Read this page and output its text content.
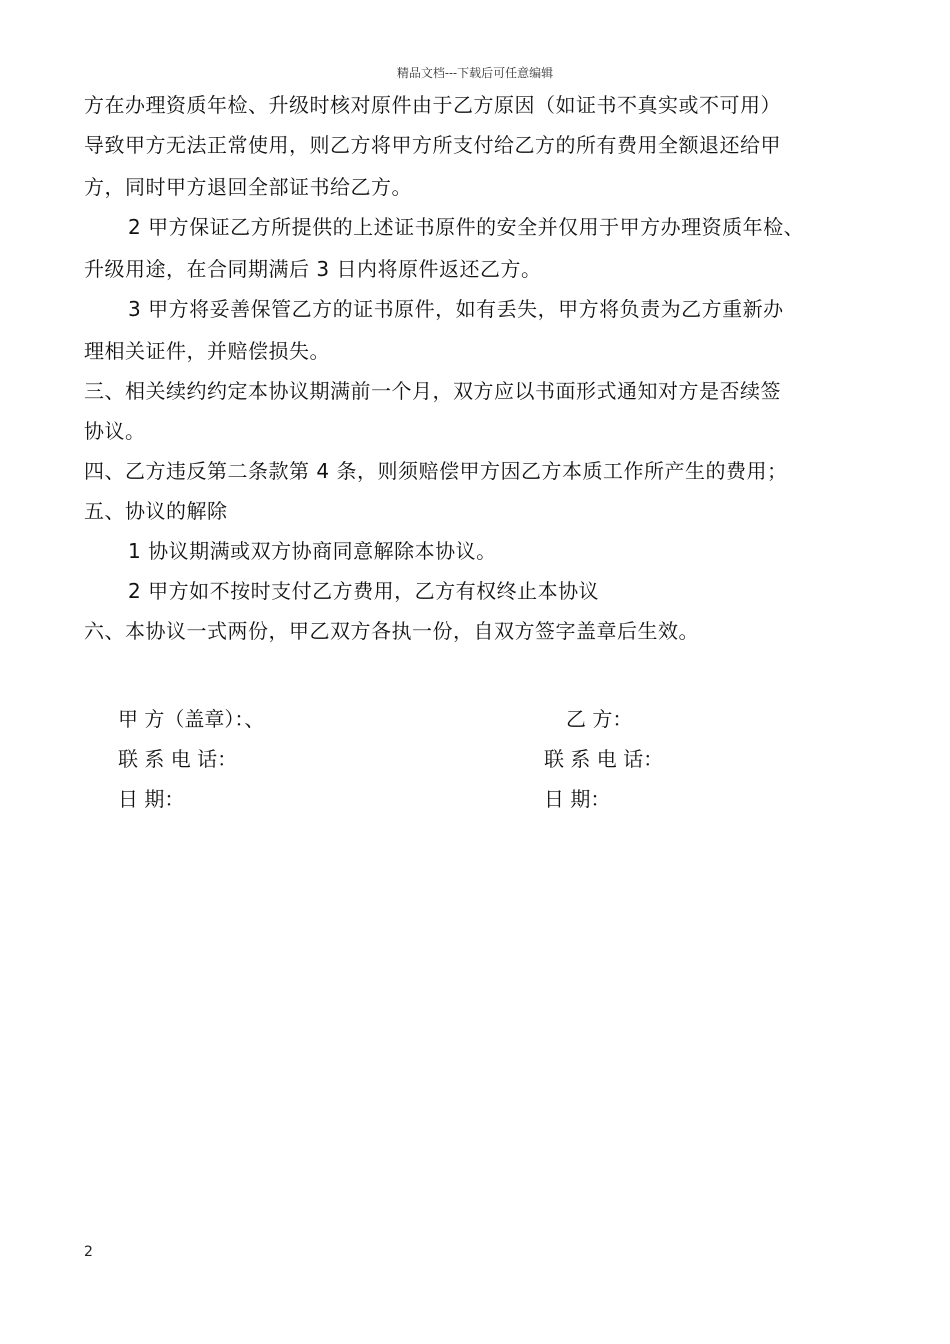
精品文档---下载后可任意编辑
方在办理资质年检、升级时核对原件由于乙方原因（如证书不真实或不可用）
导致甲方无法正常使用，则乙方将甲方所支付给乙方的所有费用全额退还给甲
方，同时甲方退回全部证书给乙方。
2 甲方保证乙方所提供的上述证书原件的安全并仅用于甲方办理资质年检、
升级用途，在合同期满后 3 日内将原件返还乙方。
3 甲方将妥善保管乙方的证书原件，如有丢失，甲方将负责为乙方重新办
理相关证件，并赔偿损失。
三、相关续约约定本协议期满前一个月，双方应以书面形式通知对方是否续签
协议。
四、乙方违反第二条款第 4 条，则须赔偿甲方因乙方本质工作所产生的费用；
五、协议的解除
1 协议期满或双方协商同意解除本协议。
2 甲方如不按时支付乙方费用，乙方有权终止本协议
六、本协议一式两份，甲乙双方各执一份，自双方签字盖章后生效。
甲 方（盖章）：、	乙 方：
联 系 电 话：	联 系 电 话：
日 期：	日 期：
2
